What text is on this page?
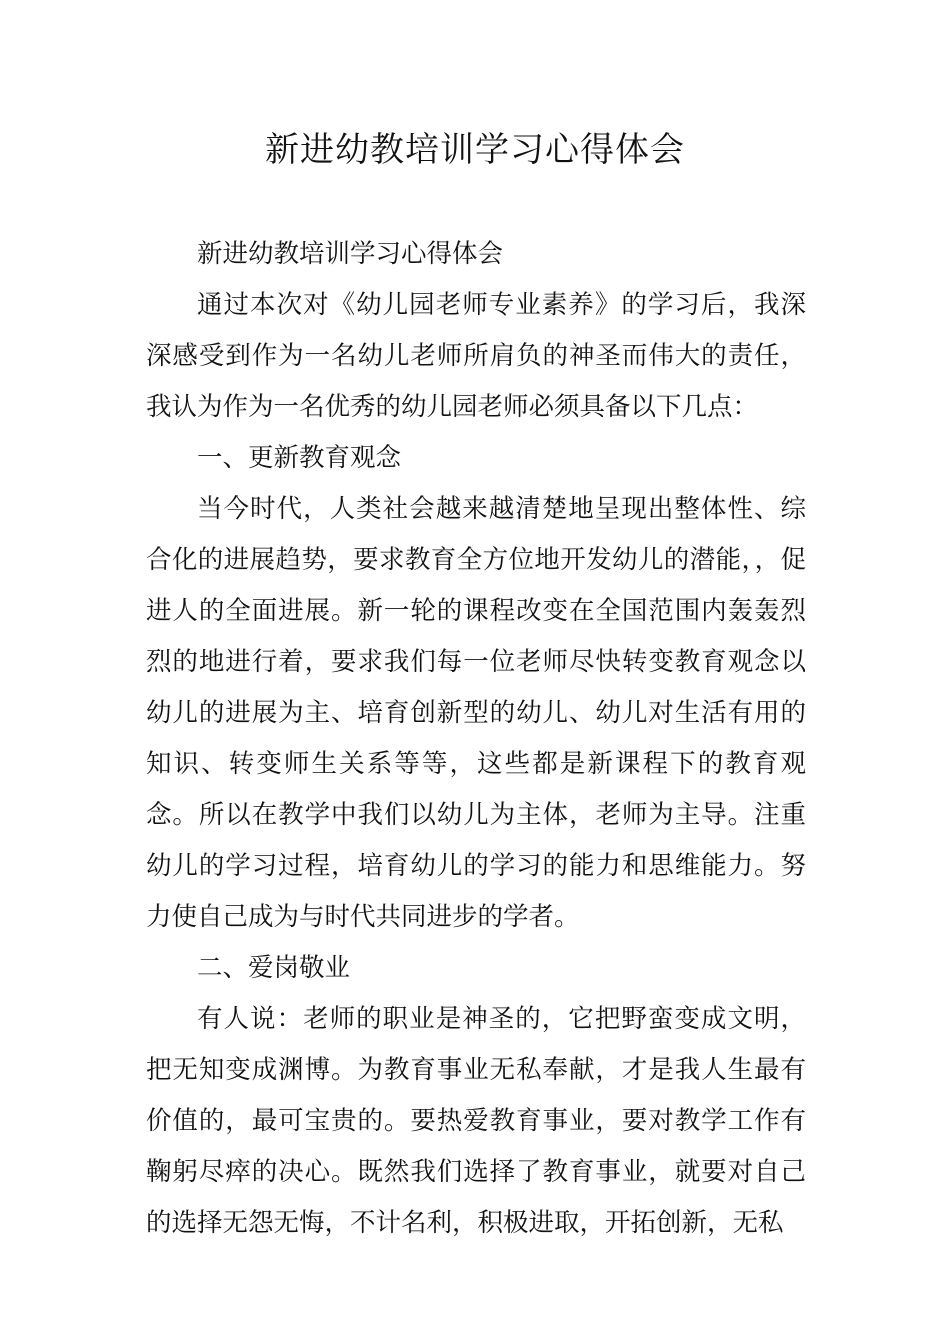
新进幼教培训学习心得体会

新进幼教培训学习心得体会

通过本次对《幼儿园老师专业素养》的学习后，我深深感受到作为一名幼儿老师所肩负的神圣而伟大的责任，我认为作为一名优秀的幼儿园老师必须具备以下几点：

一、更新教育观念

当今时代，人类社会越来越清楚地呈现出整体性、综合化的进展趋势，要求教育全方位地开发幼儿的潜能，，促进人的全面进展。新一轮的课程改变在全国范围内轰轰烈烈的地进行着，要求我们每一位老师尽快转变教育观念以幼儿的进展为主、培育创新型的幼儿、幼儿对生活有用的知识、转变师生关系等等，这些都是新课程下的教育观念。所以在教学中我们以幼儿为主体，老师为主导。注重幼儿的学习过程，培育幼儿的学习的能力和思维能力。努力使自己成为与时代共同进步的学者。

二、爱岗敬业

有人说：老师的职业是神圣的，它把野蛮变成文明，把无知变成渊博。为教育事业无私奉献，才是我人生最有价值的，最可宝贵的。要热爱教育事业，要对教学工作有鞠躬尽瘁的决心。既然我们选择了教育事业，就要对自己的选择无怨无悔，不计名利，积极进取，开拓创新，无私
